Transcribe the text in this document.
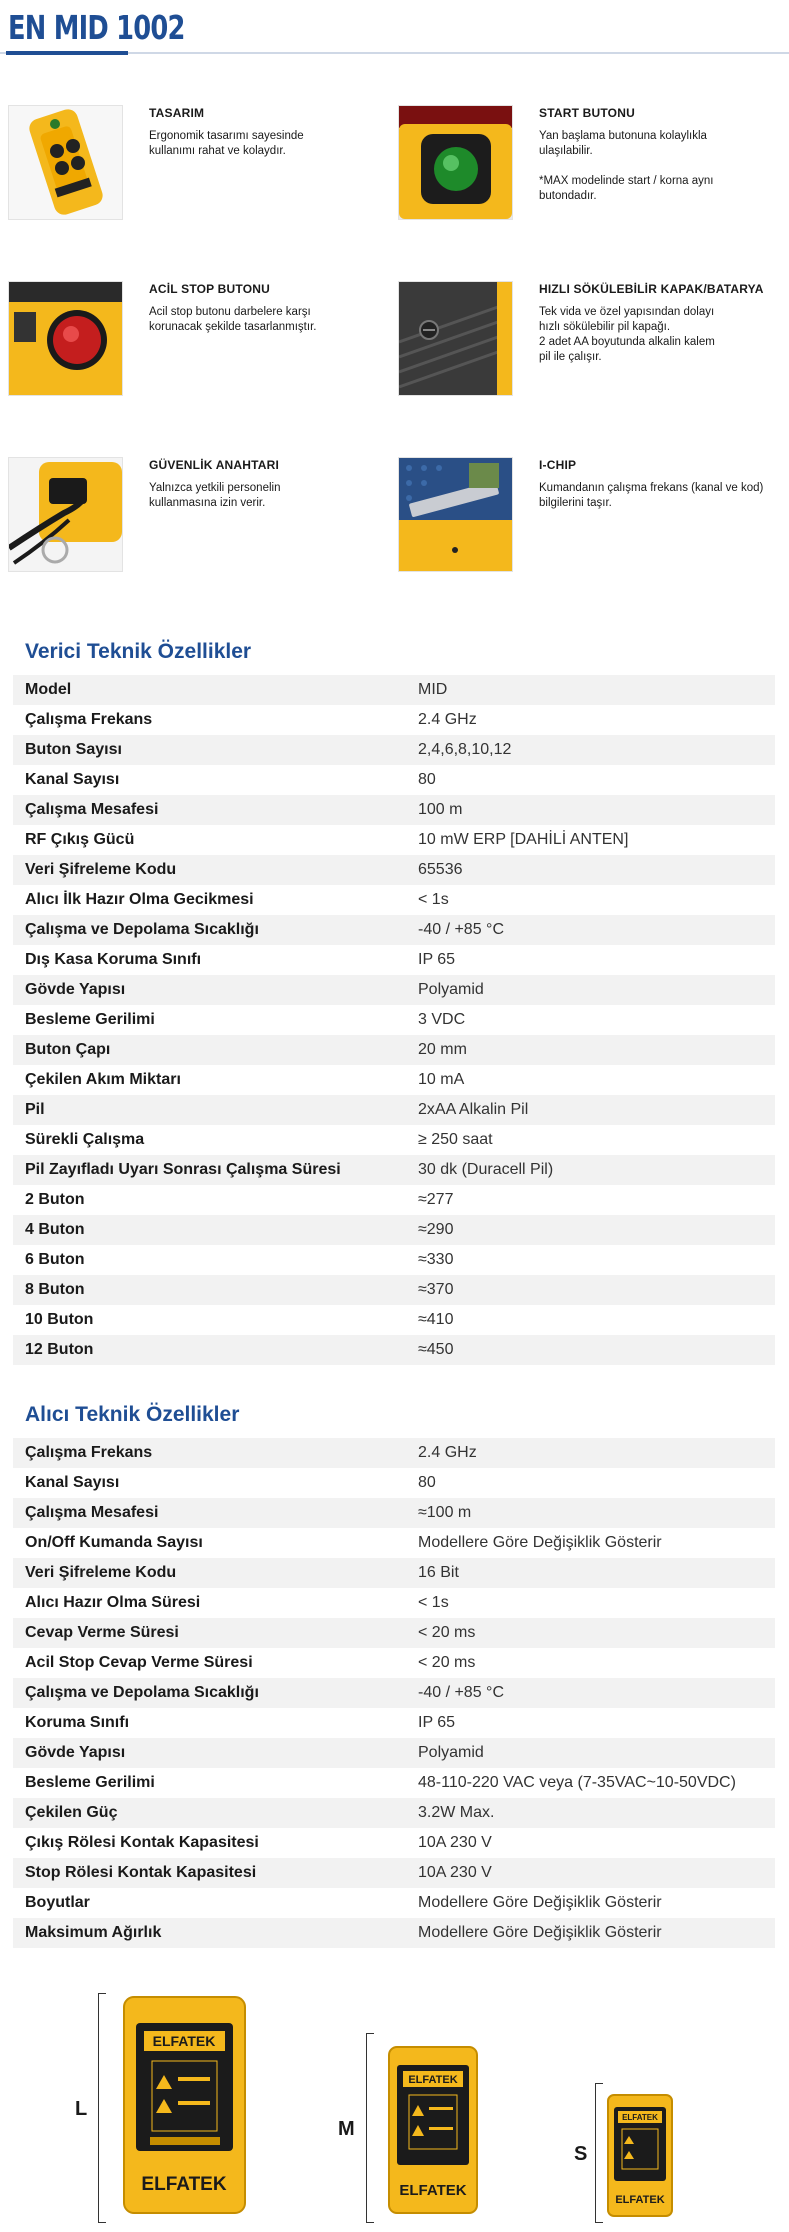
EN MID 1002
TASARIM
Ergonomik tasarımı sayesinde
kullanımı rahat ve kolaydır.
START BUTONU
Yan başlama butonuna kolaylıkla
ulaşılabilir.

*MAX modelinde start / korna aynı
butondadır.
ACİL STOP BUTONU
Acil stop butonu darbelere karşı
korunacak şekilde tasarlanmıştır.
HIZLI SÖKÜLEBİLİR KAPAK/BATARYA
Tek vida ve özel yapısından dolayı
hızlı sökülebilir pil kapağı.
2 adet AA boyutunda alkalin kalem
pil ile çalışır.
GÜVENLİK ANAHTARI
Yalnızca yetkili personelin
kullanmasına izin verir.
I-CHIP
Kumandanın çalışma frekans (kanal ve kod)
bilgilerini taşır.
Verici Teknik Özellikler
Model	MID
Çalışma Frekans	2.4 GHz
Buton Sayısı	2,4,6,8,10,12
Kanal Sayısı	80
Çalışma Mesafesi	100 m
RF Çıkış Gücü	10 mW ERP [DAHİLİ ANTEN]
Veri Şifreleme Kodu	65536
Alıcı İlk Hazır Olma Gecikmesi	< 1s
Çalışma ve Depolama Sıcaklığı	-40 / +85 °C
Dış Kasa Koruma Sınıfı	IP 65
Gövde Yapısı	Polyamid
Besleme Gerilimi	3 VDC
Buton Çapı	20 mm
Çekilen Akım Miktarı	10 mA
Pil	2xAA Alkalin Pil
Sürekli Çalışma	≥ 250 saat
Pil Zayıfladı Uyarı Sonrası Çalışma Süresi	30 dk (Duracell Pil)
2 Buton	≈277
4 Buton	≈290
6 Buton	≈330
8 Buton	≈370
10 Buton	≈410
12 Buton	≈450
Alıcı Teknik Özellikler
Çalışma Frekans	2.4 GHz
Kanal Sayısı	80
Çalışma Mesafesi	≈100 m
On/Off Kumanda Sayısı	Modellere Göre Değişiklik Gösterir
Veri Şifreleme Kodu	16 Bit
Alıcı Hazır Olma Süresi	< 1s
Cevap Verme Süresi	< 20 ms
Acil Stop Cevap Verme Süresi	< 20 ms
Çalışma ve Depolama Sıcaklığı	-40 / +85 °C
Koruma Sınıfı	IP 65
Gövde Yapısı	Polyamid
Besleme Gerilimi	48-110-220 VAC veya (7-35VAC~10-50VDC)
Çekilen Güç	3.2W Max.
Çıkış Rölesi Kontak Kapasitesi	10A 230 V
Stop Rölesi Kontak Kapasitesi	10A 230 V
Boyutlar	Modellere Göre Değişiklik Gösterir
Maksimum Ağırlık	Modellere Göre Değişiklik Gösterir
L
ELFATEK
ELFATEK
M
ELFATEK
ELFATEK
S
ELFATEK
ELFATEK
